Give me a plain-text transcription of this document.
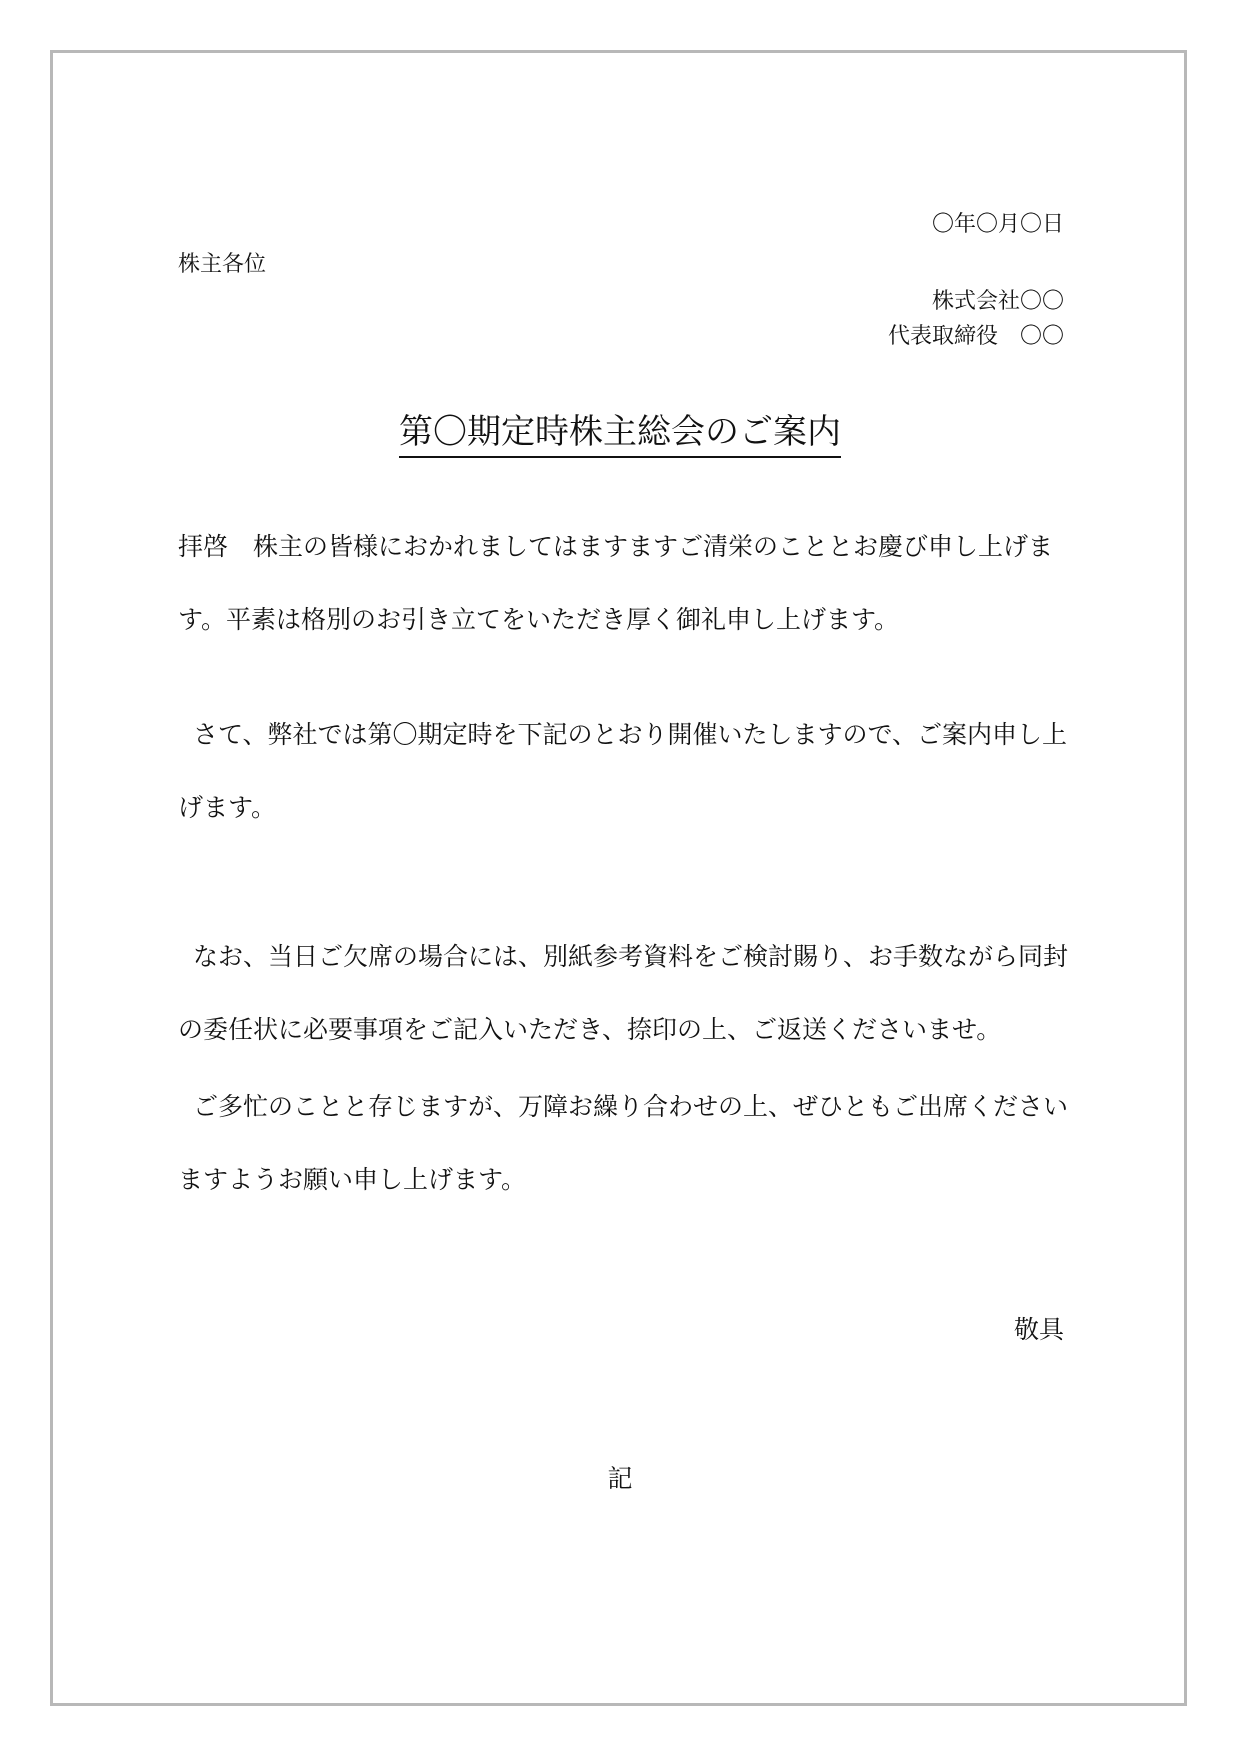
〇年〇月〇日
株主各位
株式会社〇〇
代表取締役　〇〇
第〇期定時株主総会のご案内
拝啓　株主の皆様におかれましてはますますご清栄のこととお慶び申し上げま
す。平素は格別のお引き立てをいただき厚く御礼申し上げます。
さて、弊社では第〇期定時を下記のとおり開催いたしますので、ご案内申し上
げます。
なお、当日ご欠席の場合には、別紙参考資料をご検討賜り、お手数ながら同封
の委任状に必要事項をご記入いただき、捺印の上、ご返送くださいませ。
ご多忙のことと存じますが、万障お繰り合わせの上、ぜひともご出席ください
ますようお願い申し上げます。
敬具
記
